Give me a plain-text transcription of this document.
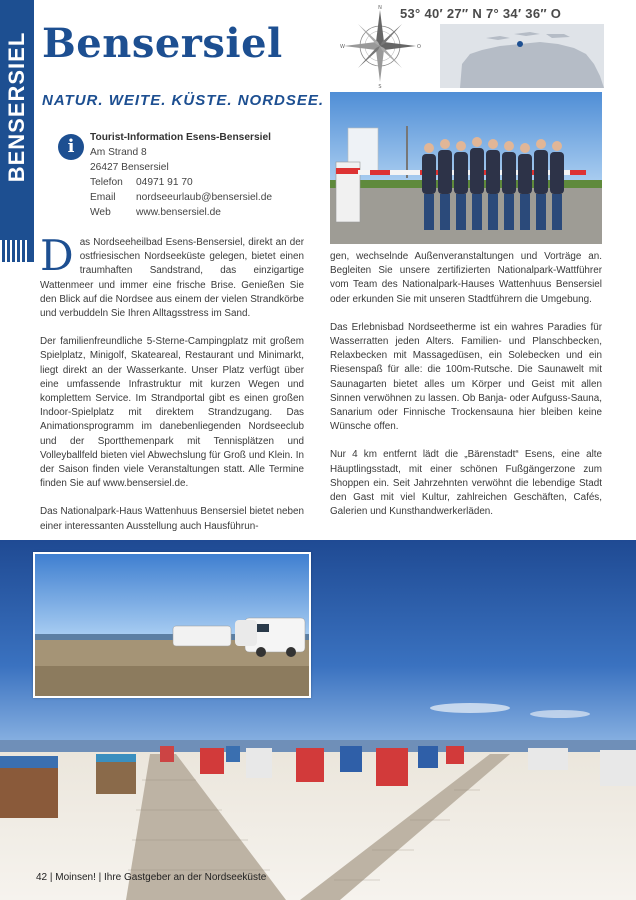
BENSERSIEL Bensersiel
NATUR. WEITE. KÜSTE. NORDSEE.
N
S
W	O
53° 40′ 27″ N 7° 34′ 36″ O
i	Tourist-Information Esens-Bensersiel
Am Strand 8
26427 Bensersiel
Telefon 04971 91 70
Email nordseeurlaub@bensersiel.de
Web www.bensersiel.de

Das Nordseeheilbad Esens-Bensersiel, direkt an der ostfriesischen Nordseeküste gelegen, bietet einen traumhaften Sandstrand, das einzigartige Wattenmeer und immer eine frische Brise. Genießen Sie den Blick auf die Nordsee aus einem der vielen Strandkörbe und verbuddeln Sie Ihren Alltagsstress im Sand.

Der familienfreundliche 5-Sterne-Campingplatz mit großem Spielplatz, Minigolf, Skateareal, Restaurant und Minimarkt, liegt direkt an der Wasserkante. Unser Platz verfügt über eine umfassende Infrastruktur mit kurzen Wegen und komplettem Service. Im Strandportal gibt es einen großen Indoor-Spielplatz mit direktem Strandzugang. Das Animationsprogramm im danebenliegenden Nordseeclub und der Sportthemenpark mit Tennisplätzen und Volleyballfeld bieten viel Abwechslung für Groß und Klein. In der Saison finden viele Veranstaltungen statt. Alle Termine finden Sie auf www.bensersiel.de.

Das Nationalpark-Haus Wattenhuus Bensersiel bietet neben einer interessanten Ausstellung auch Hausführun-

gen, wechselnde Außenveranstaltungen und Vorträge an. Begleiten Sie unsere zertifizierten Nationalpark-Wattführer vom Team des Nationalpark-Hauses Wattenhuus Bensersiel oder erkunden Sie mit unseren Stadtführern die Umgebung.

Das Erlebnisbad Nordseetherme ist ein wahres Paradies für Wasserratten jeden Alters. Familien- und Planschbecken, Relaxbecken mit Massagedüsen, ein Solebecken und ein Riesenspaß für alle: die 100m-Rutsche. Die Saunawelt mit Saunagarten bietet alles um Körper und Geist mit allen Sinnen verwöhnen zu lassen. Ob Banja- oder Aufguss-Sauna, Sanarium oder Finnische Trockensauna hier bleiben keine Wünsche offen.

Nur 4 km entfernt lädt die „Bärenstadt“ Esens, eine alte Häuptlingsstadt, mit einer schönen Fußgängerzone zum Shoppen ein. Seit Jahrzehnten verwöhnt die lebendige Stadt den Gast mit viel Kultur, zahlreichen Geschäften, Cafés, Galerien und Kunsthandwerkerläden.

42 | Moinsen! | Ihre Gastgeber an der Nordseeküste
